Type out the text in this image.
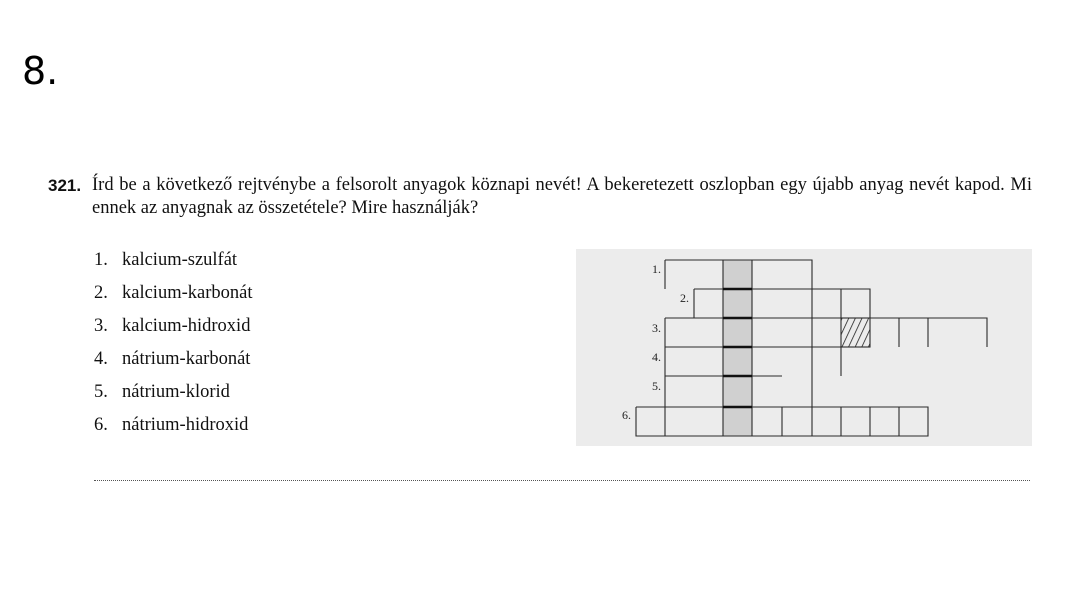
8.
321. Írd be a következő rejtvénybe a felsorolt anyagok köznapi nevét! A bekeretezett oszlopban egy újabb anyag nevét kapod. Mi ennek az anyagnak az összetétele? Mire használják?
1. kalcium-szulfát
2. kalcium-karbonát
3. kalcium-hidroxid
4. nátrium-karbonát
5. nátrium-klorid
6. nátrium-hidroxid
1.
2.
3.
4.
5.
6.
